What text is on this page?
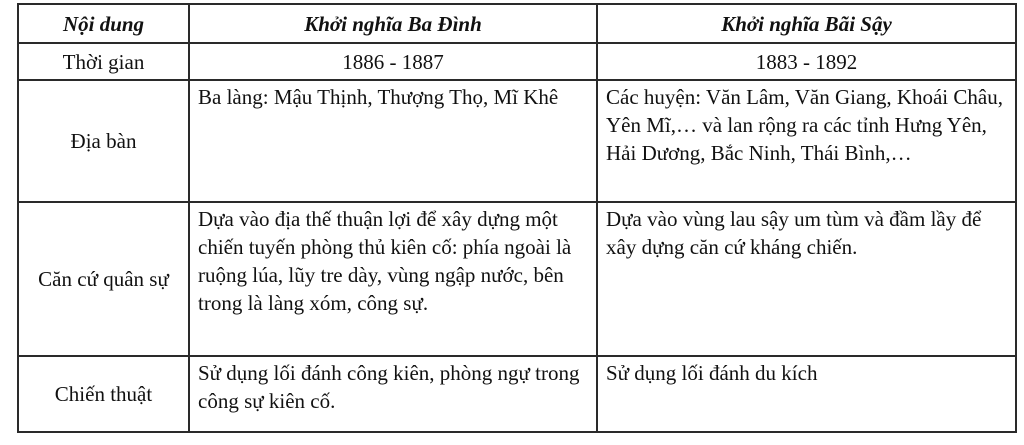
Nội dung	Khởi nghĩa Ba Đình	Khởi nghĩa Bãi Sậy
Thời gian	1886 - 1887	1883 - 1892
Địa bàn	Ba làng: Mậu Thịnh, Thượng Thọ, Mĩ Khê	Các huyện: Văn Lâm, Văn Giang, Khoái Châu, Yên Mĩ,… và lan rộng ra các tỉnh Hưng Yên, Hải Dương, Bắc Ninh, Thái Bình,…
Căn cứ quân sự	Dựa vào địa thế thuận lợi để xây dựng một chiến tuyến phòng thủ kiên cố: phía ngoài là ruộng lúa, lũy tre dày, vùng ngập nước, bên trong là làng xóm, công sự.	Dựa vào vùng lau sậy um tùm và đầm lầy để xây dựng căn cứ kháng chiến.
Chiến thuật	Sử dụng lối đánh công kiên, phòng ngự trong công sự kiên cố.	Sử dụng lối đánh du kích
